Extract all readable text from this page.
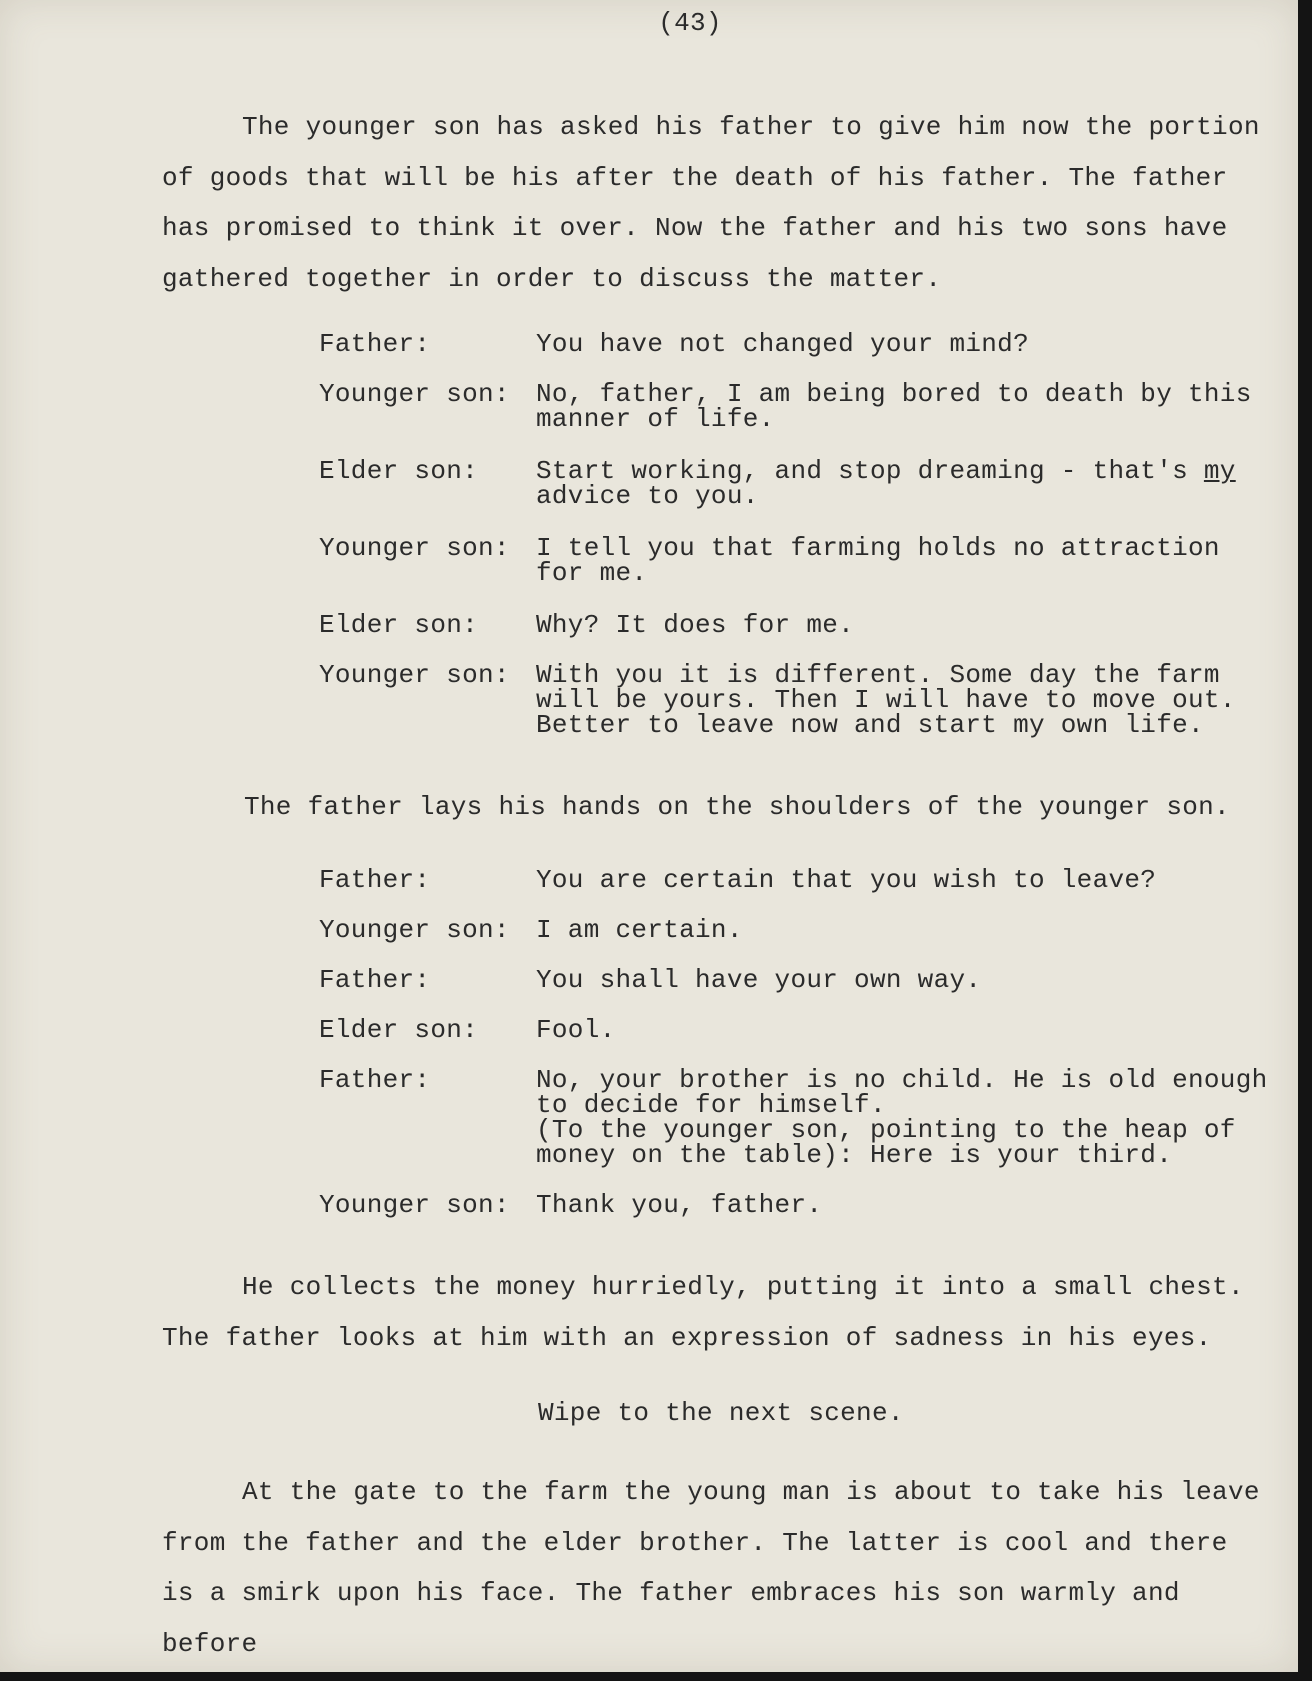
(43)

The younger son has asked his father to give him now the portion of goods that will be his after the death of his father. The father has promised to think it over. Now the father and his two sons have gathered together in order to discuss the matter.

Father:	You have not changed your mind?
Younger son:	No, father, I am being bored to death by this
manner of life.
Elder son:	Start working, and stop dreaming - that's my
advice to you.
Younger son:	I tell you that farming holds no attraction
for me.
Elder son:	Why? It does for me.
Younger son:	With you it is different. Some day the farm
will be yours. Then I will have to move out.
Better to leave now and start my own life.
The father lays his hands on the shoulders of the younger son.
Father:	You are certain that you wish to leave?
Younger son:	I am certain.
Father:	You shall have your own way.
Elder son:	Fool.
Father:	No, your brother is no child. He is old enough
to decide for himself.
(To the younger son, pointing to the heap of
money on the table): Here is your third.
Younger son:	Thank you, father.

He collects the money hurriedly, putting it into a small chest. The father looks at him with an expression of sadness in his eyes.

Wipe to the next scene.

At the gate to the farm the young man is about to take his leave from the father and the elder brother. The latter is cool and there is a smirk upon his face. The father embraces his son warmly and before
